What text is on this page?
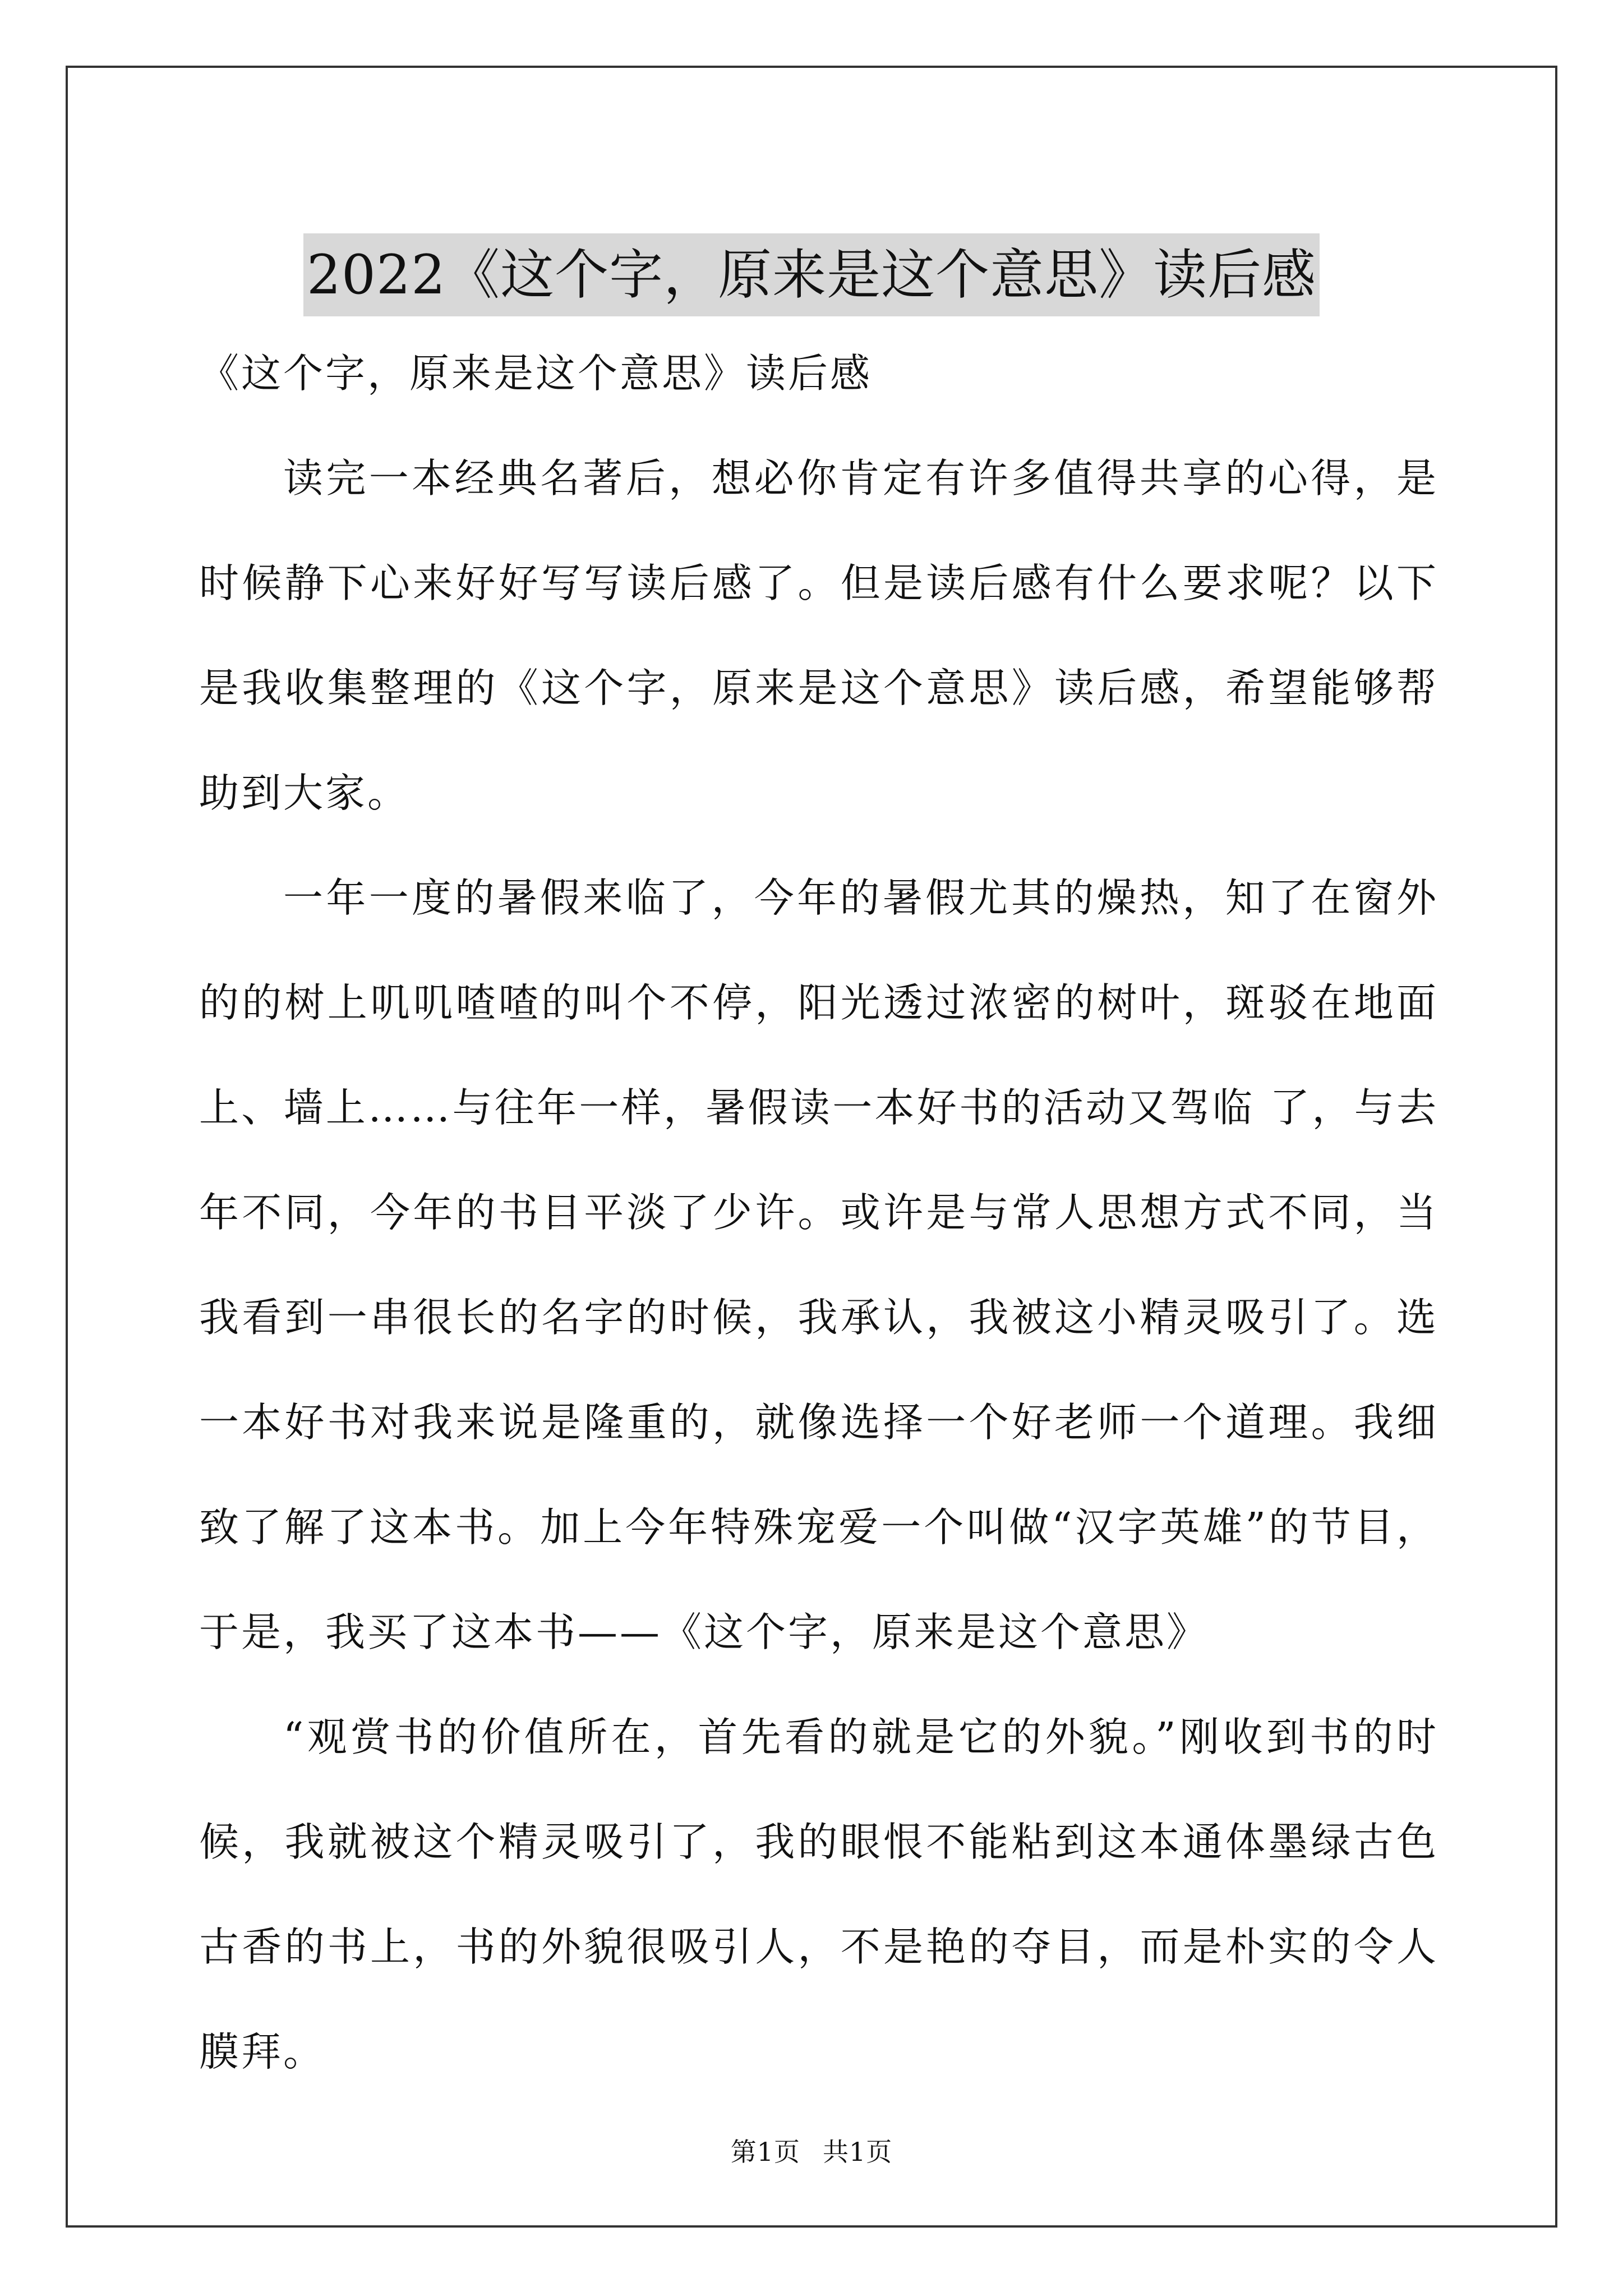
2022《这个字，原来是这个意思》读后感

《这个字，原来是这个意思》读后感

读完一本经典名著后，想必你肯定有许多值得共享的心得，是时候静下心来好好写写读后感了。但是读后感有什么要求呢？以下是我收集整理的《这个字，原来是这个意思》读后感，希望能够帮助到大家。

一年一度的暑假来临了，今年的暑假尤其的燥热，知了在窗外的的树上叽叽喳喳的叫个不停，阳光透过浓密的树叶，斑驳在地面上、墙上……与往年一样，暑假读一本好书的活动又驾临 了，与去年不同，今年的书目平淡了少许。或许是与常人思想方式不同，当我看到一串很长的名字的时候，我承认，我被这小精灵吸引了。选一本好书对我来说是隆重的，就像选择一个好老师一个道理。我细致了解了这本书。加上今年特殊宠爱一个叫做“汉字英雄”的节目，于是，我买了这本书——《这个字，原来是这个意思》

“观赏书的价值所在，首先看的就是它的外貌。”刚收到书的时候，我就被这个精灵吸引了，我的眼恨不能粘到这本通体墨绿古色古香的书上，书的外貌很吸引人，不是艳的夺目，而是朴实的令人膜拜。

第1页 共1页
